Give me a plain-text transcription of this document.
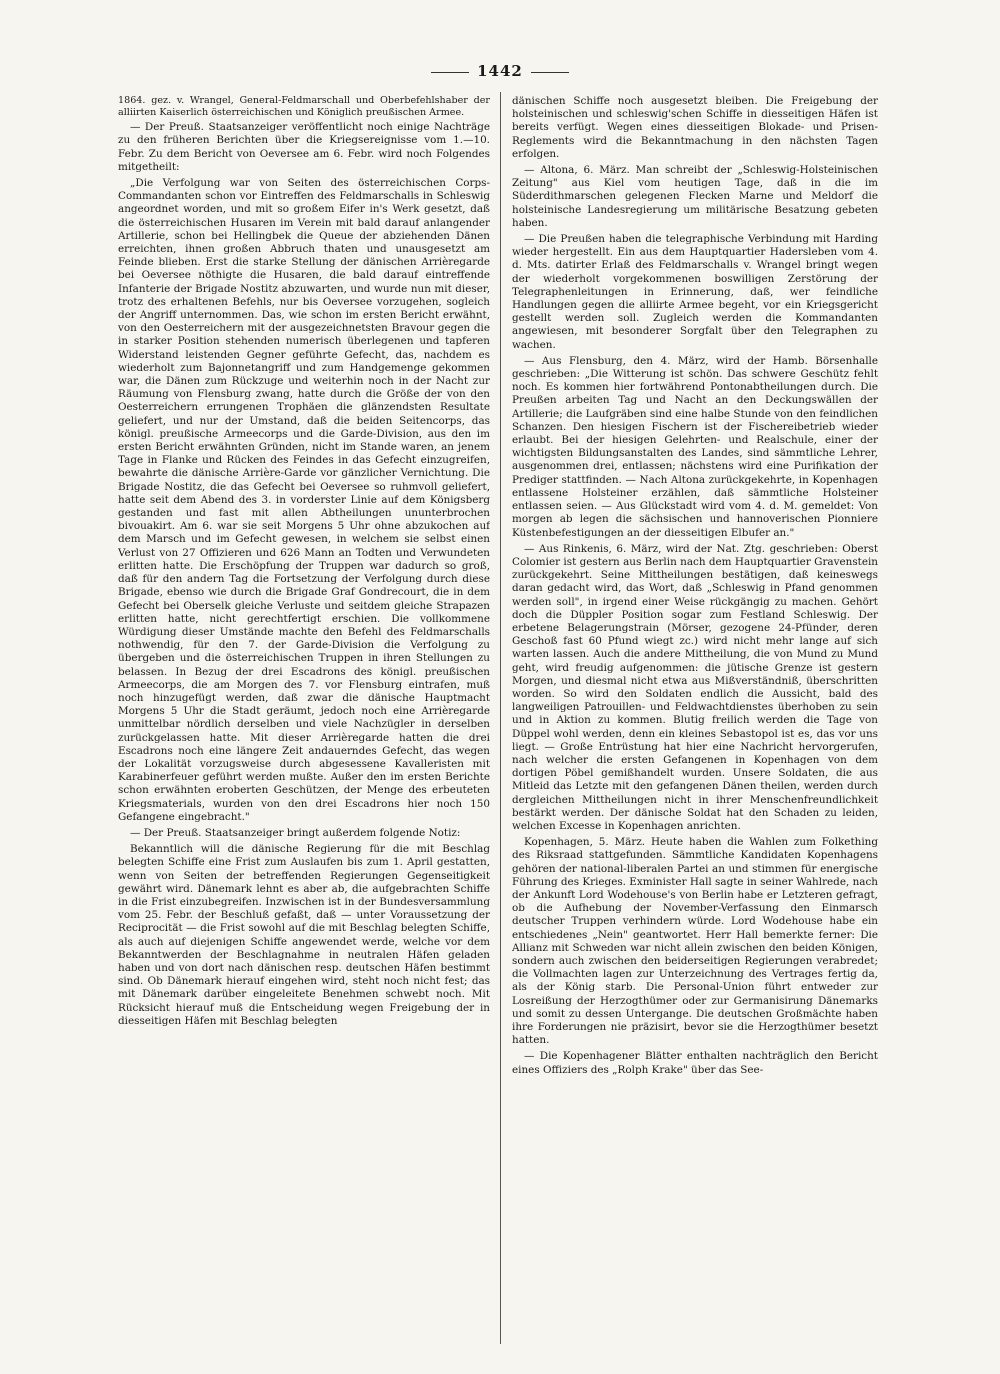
1442

1864. gez. v. Wrangel, General-Feldmarschall und Oberbefehlshaber der alliirten Kaiserlich österreichischen und Königlich preußischen Armee.

— Der Preuß. Staatsanzeiger veröffentlicht noch einige Nachträge zu den früheren Berichten über die Kriegsereignisse vom 1.—10. Febr. Zu dem Bericht von Oeversee am 6. Febr. wird noch Folgendes mitgetheilt:

„Die Verfolgung war von Seiten des österreichischen Corps-Commandanten schon vor Eintreffen des Feldmarschalls in Schleswig angeordnet worden, und mit so großem Eifer in's Werk gesetzt, daß die österreichischen Husaren im Verein mit bald darauf anlangender Artillerie, schon bei Hellingbek die Queue der abziehenden Dänen erreichten, ihnen großen Abbruch thaten und unausgesetzt am Feinde blieben. Erst die starke Stellung der dänischen Arrièregarde bei Oeversee nöthigte die Husaren, die bald darauf eintreffende Infanterie der Brigade Nostitz abzuwarten, und wurde nun mit dieser, trotz des erhaltenen Befehls, nur bis Oeversee vorzugehen, sogleich der Angriff unternommen. Das, wie schon im ersten Bericht erwähnt, von den Oesterreichern mit der ausgezeichnetsten Bravour gegen die in starker Position stehenden numerisch überlegenen und tapferen Widerstand leistenden Gegner geführte Gefecht, das, nachdem es wiederholt zum Bajonnetangriff und zum Handgemenge gekommen war, die Dänen zum Rückzuge und weiterhin noch in der Nacht zur Räumung von Flensburg zwang, hatte durch die Größe der von den Oesterreichern errungenen Trophäen die glänzendsten Resultate geliefert, und nur der Umstand, daß die beiden Seitencorps, das königl. preußische Armeecorps und die Garde-Division, aus den im ersten Bericht erwähnten Gründen, nicht im Stande waren, an jenem Tage in Flanke und Rücken des Feindes in das Gefecht einzugreifen, bewahrte die dänische Arrière-Garde vor gänzlicher Vernichtung. Die Brigade Nostitz, die das Gefecht bei Oeversee so ruhmvoll geliefert, hatte seit dem Abend des 3. in vorderster Linie auf dem Königsberg gestanden und fast mit allen Abtheilungen ununterbrochen bivouakirt. Am 6. war sie seit Morgens 5 Uhr ohne abzukochen auf dem Marsch und im Gefecht gewesen, in welchem sie selbst einen Verlust von 27 Offizieren und 626 Mann an Todten und Verwundeten erlitten hatte. Die Erschöpfung der Truppen war dadurch so groß, daß für den andern Tag die Fortsetzung der Verfolgung durch diese Brigade, ebenso wie durch die Brigade Graf Gondrecourt, die in dem Gefecht bei Oberselk gleiche Verluste und seitdem gleiche Strapazen erlitten hatte, nicht gerechtfertigt erschien. Die vollkommene Würdigung dieser Umstände machte den Befehl des Feldmarschalls nothwendig, für den 7. der Garde-Division die Verfolgung zu übergeben und die österreichischen Truppen in ihren Stellungen zu belassen. In Bezug der drei Escadrons des königl. preußischen Armeecorps, die am Morgen des 7. vor Flensburg eintrafen, muß noch hinzugefügt werden, daß zwar die dänische Hauptmacht Morgens 5 Uhr die Stadt geräumt, jedoch noch eine Arrièregarde unmittelbar nördlich derselben und viele Nachzügler in derselben zurückgelassen hatte. Mit dieser Arrièregarde hatten die drei Escadrons noch eine längere Zeit andauerndes Gefecht, das wegen der Lokalität vorzugsweise durch abgesessene Kavalleristen mit Karabinerfeuer geführt werden mußte. Außer den im ersten Berichte schon erwähnten eroberten Geschützen, der Menge des erbeuteten Kriegsmaterials, wurden von den drei Escadrons hier noch 150 Gefangene eingebracht."

— Der Preuß. Staatsanzeiger bringt außerdem folgende Notiz:

Bekanntlich will die dänische Regierung für die mit Beschlag belegten Schiffe eine Frist zum Auslaufen bis zum 1. April gestatten, wenn von Seiten der betreffenden Regierungen Gegenseitigkeit gewährt wird. Dänemark lehnt es aber ab, die aufgebrachten Schiffe in die Frist einzubegreifen. Inzwischen ist in der Bundesversammlung vom 25. Febr. der Beschluß gefaßt, daß — unter Voraussetzung der Reciprocität — die Frist sowohl auf die mit Beschlag belegten Schiffe, als auch auf diejenigen Schiffe angewendet werde, welche vor dem Bekanntwerden der Beschlagnahme in neutralen Häfen geladen haben und von dort nach dänischen resp. deutschen Häfen bestimmt sind. Ob Dänemark hierauf eingehen wird, steht noch nicht fest; das mit Dänemark darüber eingeleitete Benehmen schwebt noch. Mit Rücksicht hierauf muß die Entscheidung wegen Freigebung der in diesseitigen Häfen mit Beschlag belegten

dänischen Schiffe noch ausgesetzt bleiben. Die Freigebung der holsteinischen und schleswig'schen Schiffe in diesseitigen Häfen ist bereits verfügt. Wegen eines diesseitigen Blokade- und Prisen-Reglements wird die Bekanntmachung in den nächsten Tagen erfolgen.

— Altona, 6. März. Man schreibt der „Schleswig-Holsteinischen Zeitung" aus Kiel vom heutigen Tage, daß in die im Süderdithmarschen gelegenen Flecken Marne und Meldorf die holsteinische Landesregierung um militärische Besatzung gebeten haben.

— Die Preußen haben die telegraphische Verbindung mit Harding wieder hergestellt. Ein aus dem Hauptquartier Hadersleben vom 4. d. Mts. datirter Erlaß des Feldmarschalls v. Wrangel bringt wegen der wiederholt vorgekommenen boswilligen Zerstörung der Telegraphenleitungen in Erinnerung, daß, wer feindliche Handlungen gegen die alliirte Armee begeht, vor ein Kriegsgericht gestellt werden soll. Zugleich werden die Kommandanten angewiesen, mit besonderer Sorgfalt über den Telegraphen zu wachen.

— Aus Flensburg, den 4. März, wird der Hamb. Börsenhalle geschrieben: „Die Witterung ist schön. Das schwere Geschütz fehlt noch. Es kommen hier fortwährend Pontonabtheilungen durch. Die Preußen arbeiten Tag und Nacht an den Deckungswällen der Artillerie; die Laufgräben sind eine halbe Stunde von den feindlichen Schanzen. Den hiesigen Fischern ist der Fischereibetrieb wieder erlaubt. Bei der hiesigen Gelehrten- und Realschule, einer der wichtigsten Bildungsanstalten des Landes, sind sämmtliche Lehrer, ausgenommen drei, entlassen; nächstens wird eine Purifikation der Prediger stattfinden. — Nach Altona zurückgekehrte, in Kopenhagen entlassene Holsteiner erzählen, daß sämmtliche Holsteiner entlassen seien. — Aus Glückstadt wird vom 4. d. M. gemeldet: Von morgen ab legen die sächsischen und hannoverischen Pionniere Küstenbefestigungen an der diesseitigen Elbufer an."

— Aus Rinkenis, 6. März, wird der Nat. Ztg. geschrieben: Oberst Colomier ist gestern aus Berlin nach dem Hauptquartier Gravenstein zurückgekehrt. Seine Mittheilungen bestätigen, daß keineswegs daran gedacht wird, das Wort, daß „Schleswig in Pfand genommen werden soll", in irgend einer Weise rückgängig zu machen. Gehört doch die Düppler Position sogar zum Festland Schleswig. Der erbetene Belagerungstrain (Mörser, gezogene 24-Pfünder, deren Geschoß fast 60 Pfund wiegt zc.) wird nicht mehr lange auf sich warten lassen. Auch die andere Mittheilung, die von Mund zu Mund geht, wird freudig aufgenommen: die jütische Grenze ist gestern Morgen, und diesmal nicht etwa aus Mißverständniß, überschritten worden. So wird den Soldaten endlich die Aussicht, bald des langweiligen Patrouillen- und Feldwachtdienstes überhoben zu sein und in Aktion zu kommen. Blutig freilich werden die Tage von Düppel wohl werden, denn ein kleines Sebastopol ist es, das vor uns liegt. — Große Entrüstung hat hier eine Nachricht hervorgerufen, nach welcher die ersten Gefangenen in Kopenhagen von dem dortigen Pöbel gemißhandelt wurden. Unsere Soldaten, die aus Mitleid das Letzte mit den gefangenen Dänen theilen, werden durch dergleichen Mittheilungen nicht in ihrer Menschenfreundlichkeit bestärkt werden. Der dänische Soldat hat den Schaden zu leiden, welchen Excesse in Kopenhagen anrichten.

Kopenhagen, 5. März. Heute haben die Wahlen zum Folkething des Riksraad stattgefunden. Sämmtliche Kandidaten Kopenhagens gehören der national-liberalen Partei an und stimmen für energische Führung des Krieges. Exminister Hall sagte in seiner Wahlrede, nach der Ankunft Lord Wodehouse's von Berlin habe er Letzteren gefragt, ob die Aufhebung der November-Verfassung den Einmarsch deutscher Truppen verhindern würde. Lord Wodehouse habe ein entschiedenes „Nein" geantwortet. Herr Hall bemerkte ferner: Die Allianz mit Schweden war nicht allein zwischen den beiden Königen, sondern auch zwischen den beiderseitigen Regierungen verabredet; die Vollmachten lagen zur Unterzeichnung des Vertrages fertig da, als der König starb. Die Personal-Union führt entweder zur Losreißung der Herzogthümer oder zur Germanisirung Dänemarks und somit zu dessen Untergange. Die deutschen Großmächte haben ihre Forderungen nie präzisirt, bevor sie die Herzogthümer besetzt hatten.

— Die Kopenhagener Blätter enthalten nachträglich den Bericht eines Offiziers des „Rolph Krake" über das See-
